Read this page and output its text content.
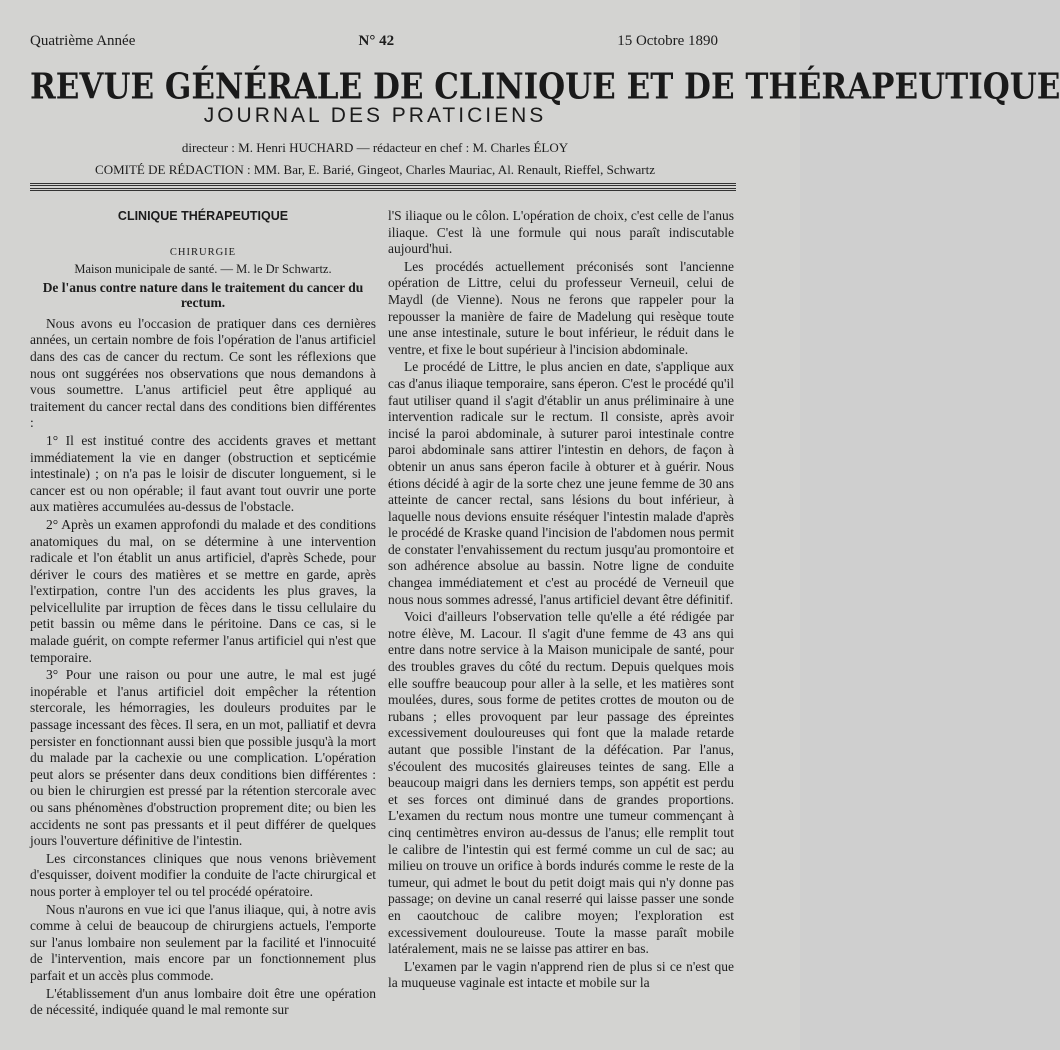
Quatrième Année	N° 42	15 Octobre 1890
REVUE GÉNÉRALE DE CLINIQUE ET DE THÉRAPEUTIQUE
JOURNAL DES PRATICIENS
directeur : M. Henri HUCHARD — rédacteur en chef : M. Charles ÉLOY
COMITÉ DE RÉDACTION : MM. Bar, E. Barié, Gingeot, Charles Mauriac, Al. Renault, Rieffel, Schwartz
CLINIQUE THÉRAPEUTIQUE
CHIRURGIE
Maison municipale de santé. — M. le Dr Schwartz.
De l'anus contre nature dans le traitement du cancer du rectum.

Nous avons eu l'occasion de pratiquer dans ces dernières années, un certain nombre de fois l'opération de l'anus artificiel dans des cas de cancer du rectum. Ce sont les réflexions que nous ont suggérées nos observations que nous demandons à vous soumettre. L'anus artificiel peut être appliqué au traitement du cancer rectal dans des conditions bien différentes :

1° Il est institué contre des accidents graves et mettant immédiatement la vie en danger (obstruction et septicémie intestinale) ; on n'a pas le loisir de discuter longuement, si le cancer est ou non opérable; il faut avant tout ouvrir une porte aux matières accumulées au-dessus de l'obstacle.

2° Après un examen approfondi du malade et des conditions anatomiques du mal, on se détermine à une intervention radicale et l'on établit un anus artificiel, d'après Schede, pour dériver le cours des matières et se mettre en garde, après l'extirpation, contre l'un des accidents les plus graves, la pelvicellulite par irruption de fèces dans le tissu cellulaire du petit bassin ou même dans le péritoine. Dans ce cas, si le malade guérit, on compte refermer l'anus artificiel qui n'est que temporaire.

3° Pour une raison ou pour une autre, le mal est jugé inopérable et l'anus artificiel doit empêcher la rétention stercorale, les hémorragies, les douleurs produites par le passage incessant des fèces. Il sera, en un mot, palliatif et devra persister en fonctionnant aussi bien que possible jusqu'à la mort du malade par la cachexie ou une complication. L'opération peut alors se présenter dans deux conditions bien différentes : ou bien le chirurgien est pressé par la rétention stercorale avec ou sans phénomènes d'obstruction proprement dite; ou bien les accidents ne sont pas pressants et il peut différer de quelques jours l'ouverture définitive de l'intestin.

Les circonstances cliniques que nous venons brièvement d'esquisser, doivent modifier la conduite de l'acte chirurgical et nous porter à employer tel ou tel procédé opératoire.

Nous n'aurons en vue ici que l'anus iliaque, qui, à notre avis comme à celui de beaucoup de chirurgiens actuels, l'emporte sur l'anus lombaire non seulement par la facilité et l'innocuité de l'intervention, mais encore par un fonctionnement plus parfait et un accès plus commode.

L'établissement d'un anus lombaire doit être une opération de nécessité, indiquée quand le mal remonte sur

l'S iliaque ou le côlon. L'opération de choix, c'est celle de l'anus iliaque. C'est là une formule qui nous paraît indiscutable aujourd'hui.

Les procédés actuellement préconisés sont l'ancienne opération de Littre, celui du professeur Verneuil, celui de Maydl (de Vienne). Nous ne ferons que rappeler pour la repousser la manière de faire de Madelung qui resèque toute une anse intestinale, suture le bout inférieur, le réduit dans le ventre, et fixe le bout supérieur à l'incision abdominale.

Le procédé de Littre, le plus ancien en date, s'applique aux cas d'anus iliaque temporaire, sans éperon. C'est le procédé qu'il faut utiliser quand il s'agit d'établir un anus préliminaire à une intervention radicale sur le rectum. Il consiste, après avoir incisé la paroi abdominale, à suturer paroi intestinale contre paroi abdominale sans attirer l'intestin en dehors, de façon à obtenir un anus sans éperon facile à obturer et à guérir. Nous étions décidé à agir de la sorte chez une jeune femme de 30 ans atteinte de cancer rectal, sans lésions du bout inférieur, à laquelle nous devions ensuite réséquer l'intestin malade d'après le procédé de Kraske quand l'incision de l'abdomen nous permit de constater l'envahissement du rectum jusqu'au promontoire et son adhérence absolue au bassin. Notre ligne de conduite changea immédiatement et c'est au procédé de Verneuil que nous nous sommes adressé, l'anus artificiel devant être définitif.

Voici d'ailleurs l'observation telle qu'elle a été rédigée par notre élève, M. Lacour. Il s'agit d'une femme de 43 ans qui entre dans notre service à la Maison municipale de santé, pour des troubles graves du côté du rectum. Depuis quelques mois elle souffre beaucoup pour aller à la selle, et les matières sont moulées, dures, sous forme de petites crottes de mouton ou de rubans ; elles provoquent par leur passage des épreintes excessivement douloureuses qui font que la malade retarde autant que possible l'instant de la défécation. Par l'anus, s'écoulent des mucosités glaireuses teintes de sang. Elle a beaucoup maigri dans les derniers temps, son appétit est perdu et ses forces ont diminué dans de grandes proportions. L'examen du rectum nous montre une tumeur commençant à cinq centimètres environ au-dessus de l'anus; elle remplit tout le calibre de l'intestin qui est fermé comme un cul de sac; au milieu on trouve un orifice à bords indurés comme le reste de la tumeur, qui admet le bout du petit doigt mais qui n'y donne pas passage; on devine un canal reserré qui laisse passer une sonde en caoutchouc de calibre moyen; l'exploration est excessivement douloureuse. Toute la masse paraît mobile latéralement, mais ne se laisse pas attirer en bas.

L'examen par le vagin n'apprend rien de plus si ce n'est que la muqueuse vaginale est intacte et mobile sur la
